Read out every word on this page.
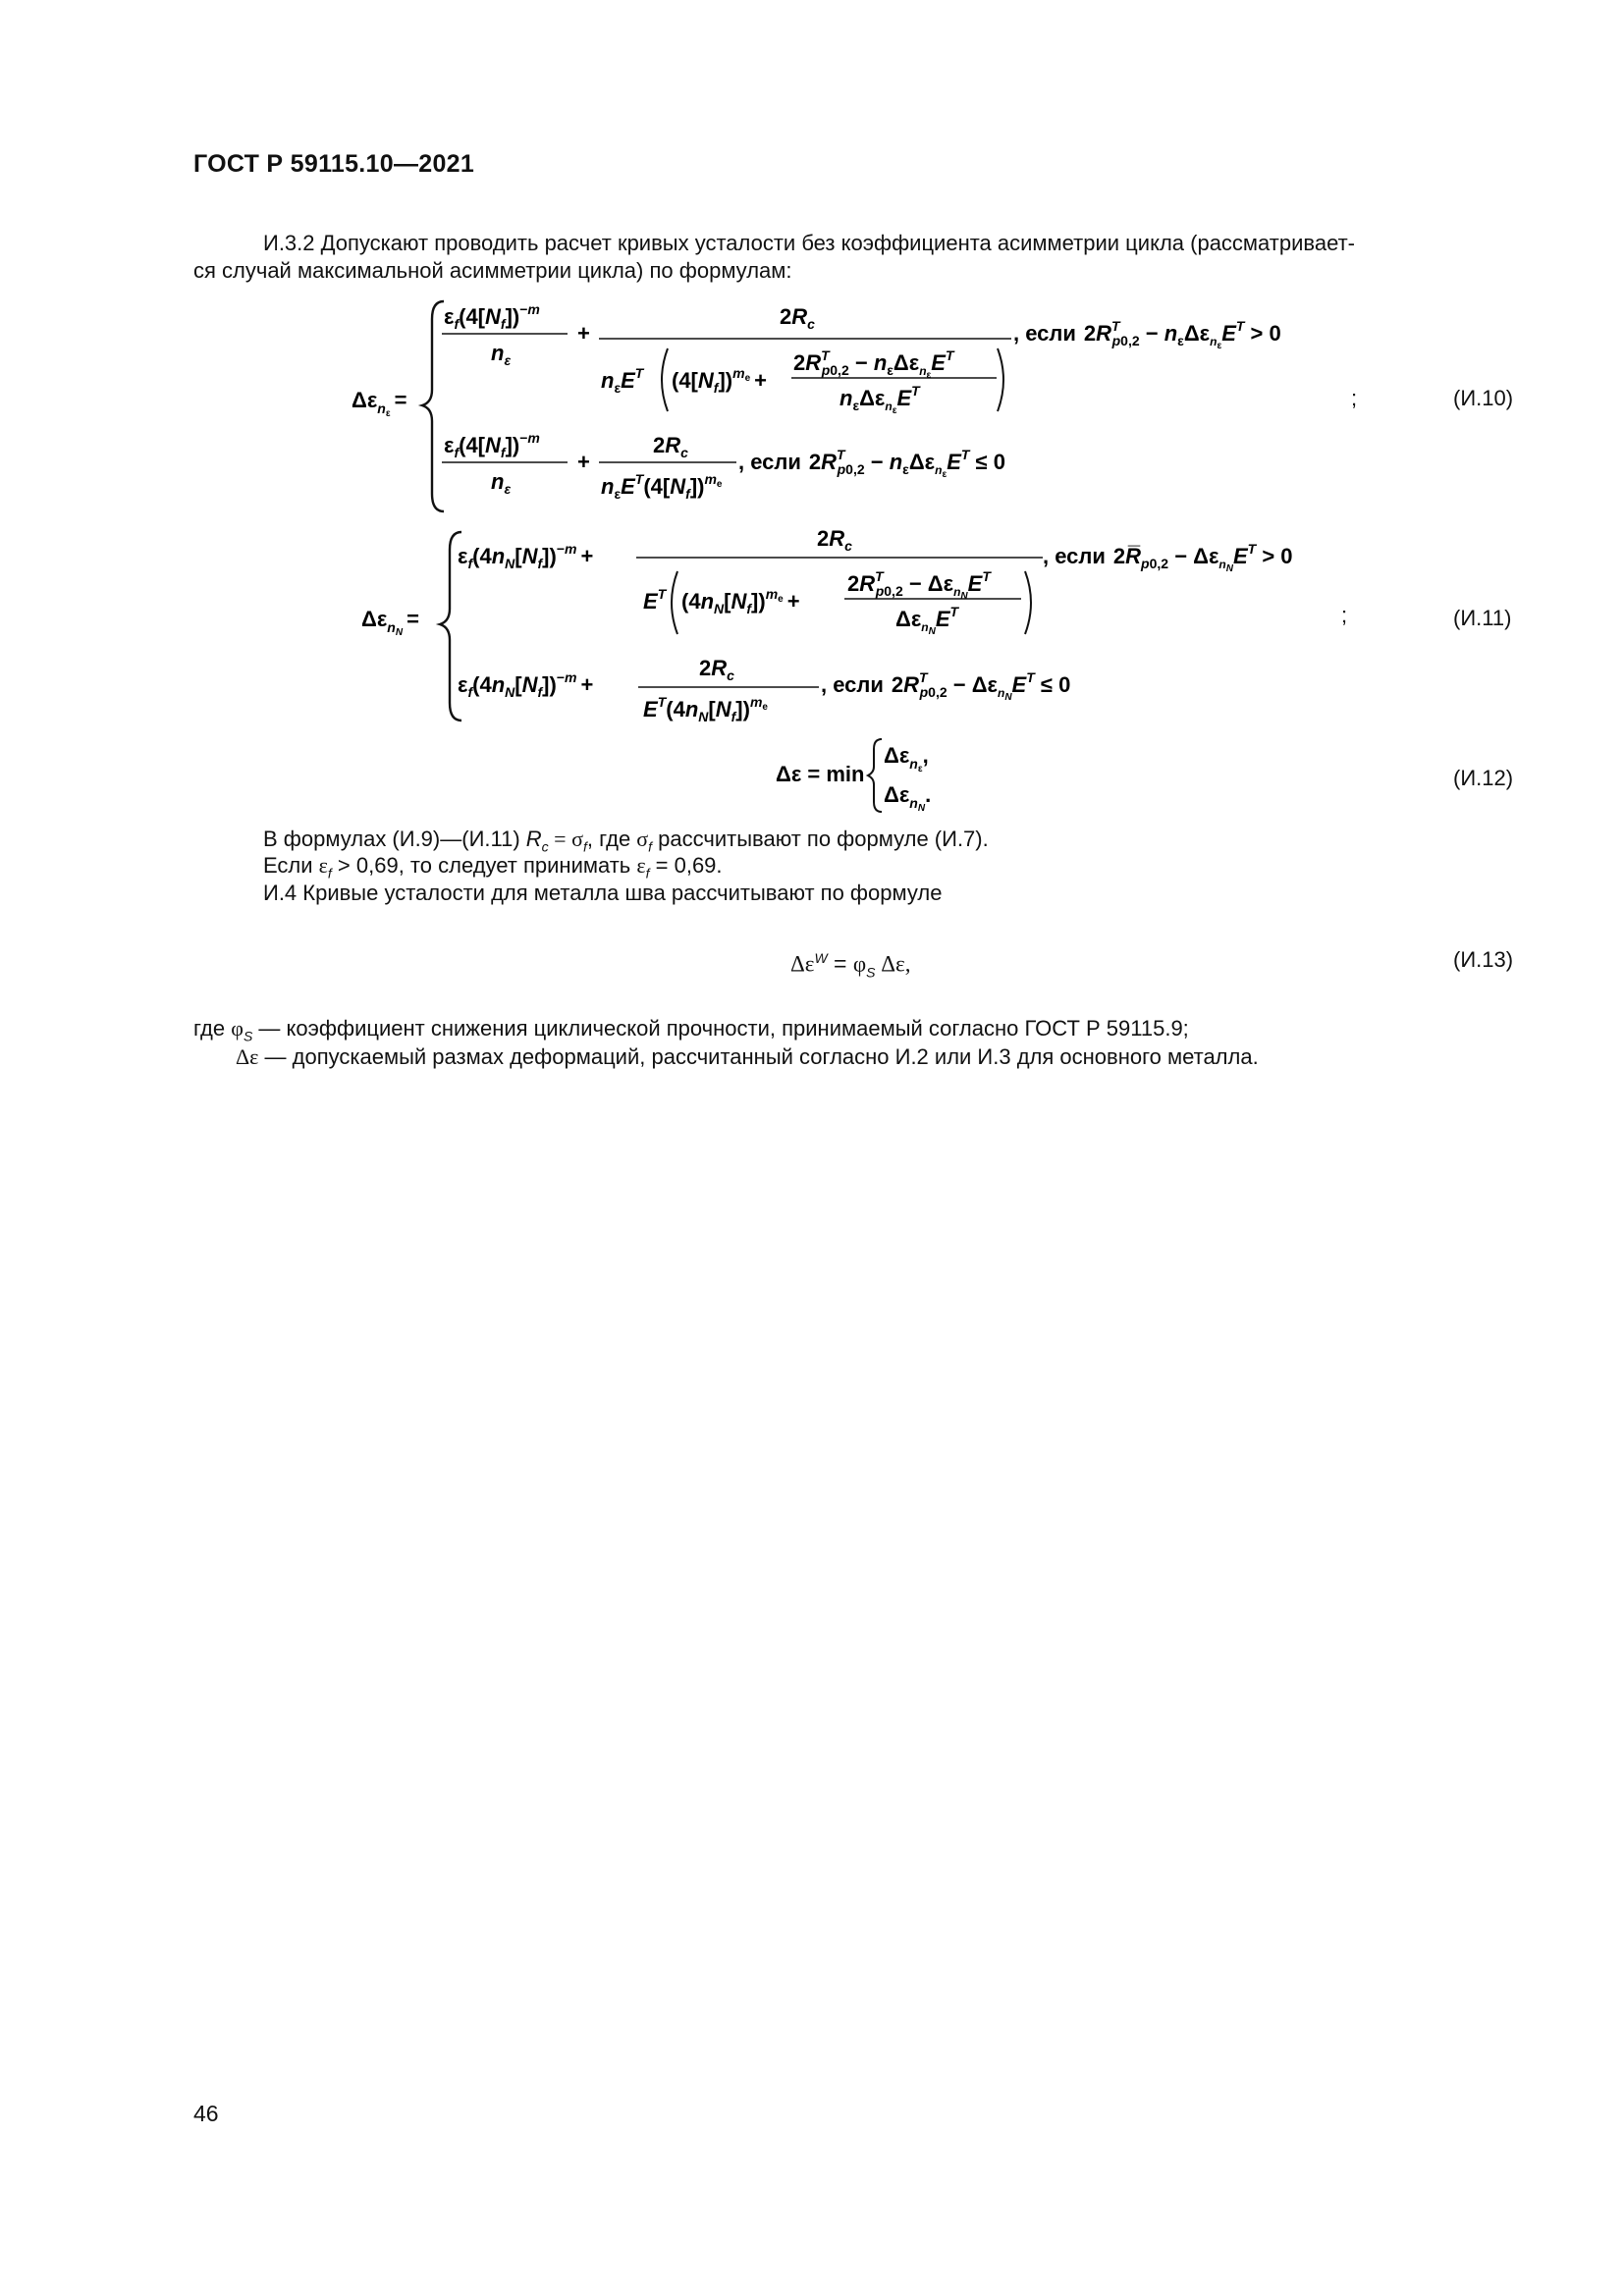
ГОСТ Р 59115.10—2021
И.3.2 Допускают проводить расчет кривых усталости без коэффициента асимметрии цикла (рассматривает-
ся случай максимальной асимметрии цикла) по формулам:
$\Delta\varepsilon_n\varepsilon=$
$\varepsilon_f(4[N_f])^-m$
$n_\varepsilon$
+
$2R_c$
$n_\varepsilon E^T$ $(4[N_f])^me$ +
$2R^T$ $p0,2 - n_\varepsilon\Delta\varepsilon_n\varepsilon E^T$
$n_\varepsilon\Delta\varepsilon_n\varepsilon E^T$
, если $2R^T$ $p0,2 - n_\varepsilon\Delta\varepsilon_n\varepsilon E^T > 0$
$\varepsilon_f(4[N_f])^-m$
$n_\varepsilon$
+
$2R_c$
$n_\varepsilon E^T(4[N_f])^me$
, если $2R^T$ $p0,2 - n_\varepsilon\Delta\varepsilon_n\varepsilon E^T \le 0$
;	(И.10)
$\Delta\varepsilon_nN=$
$\varepsilon_f(4n_N[N_f])^-m$ +
$2R_c$
$E^T$ $(4n_N[N_f])^me$ +
$2R^T$ $p0,2 - \Delta\varepsilon_nNE^T$
$\Delta\varepsilon_nNE^T$
, если $2R̅_p0,2 - \Delta\varepsilon_nNE^T > 0$
$\varepsilon_f(4n_N[N_f])^-m$ +
$2R_c$
$E^T(4n_N[N_f])^me$
, если $2R^T$ $p0,2 - \Delta\varepsilon_nNE^T \le 0$
;	(И.11)
Δε = min
$\Delta\varepsilon_n\varepsilon$,
$\Delta\varepsilon_nN$.
(И.12)
В формулах (И.9)—(И.11) $R_c = \sigma_f$, где $\sigma_f$ рассчитывают по формуле (И.7).
Если $\varepsilon_f > 0,69$, то следует принимать $\varepsilon_f = 0,69$.
И.4 Кривые усталости для металла шва рассчитывают по формуле
$\Delta\varepsilon^W = \varphi_S$ Δε,	(И.13)
где $\varphi_S$ — коэффициент снижения циклической прочности, принимаемый согласно ГОСТ Р 59115.9;
Δε — допускаемый размах деформаций, рассчитанный согласно И.2 или И.3 для основного металла.
46
